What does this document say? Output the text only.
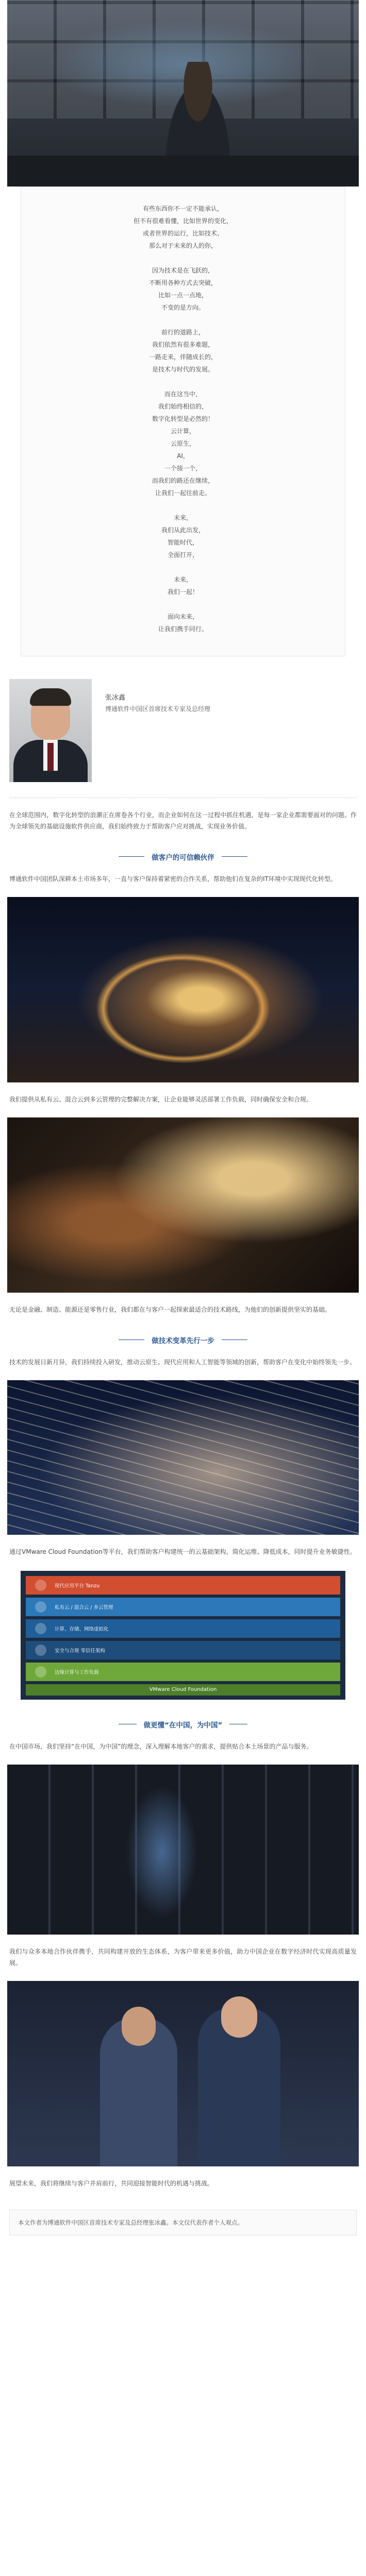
有些东西你不一定不能承认，
但不有很难看懂，比如世界的变化，
或者世界的运行，比如技术、
那么对于未来的人的你，
因为技术是在飞跃的，
不断用各种方式去突破，
比如一点一点地，
不变的是方向。
前行的道路上，
我们依然有很多难题，
一路走来，伴随成长的，
是技术与时代的发展。
而在这当中，
我们始终相信的，
数字化转型是必然的！
云计算，
云原生，
AI，
一个接一个，
而我们的路还在继续，
让我们一起往前走。
未来，
我们从此出发，
智能时代，
全面打开，
未来，
我们一起！
面向未来，
让我们携手同行。
张冰鑫
博通软件中国区首席技术专家及总经理

在全球范围内，数字化转型的浪潮正在席卷各个行业，而企业如何在这一过程中抓住机遇，是每一家企业都需要面对的问题。作为全球领先的基础设施软件供应商，我们始终致力于帮助客户应对挑战，实现业务价值。

做客户的可信赖伙伴

博通软件中国团队深耕本土市场多年，一直与客户保持着紧密的合作关系，帮助他们在复杂的IT环境中实现现代化转型。

我们提供从私有云、混合云到多云管理的完整解决方案，让企业能够灵活部署工作负载，同时确保安全和合规。

无论是金融、制造、能源还是零售行业，我们都在与客户一起探索最适合的技术路线，为他们的创新提供坚实的基础。

做技术变革先行一步

技术的发展日新月异，我们持续投入研发，推动云原生、现代应用和人工智能等领域的创新，帮助客户在变化中始终领先一步。

通过VMware Cloud Foundation等平台，我们帮助客户构建统一的云基础架构，简化运维、降低成本，同时提升业务敏捷性。

现代应用平台 Tanzu
私有云 / 混合云 / 多云管理
计算、存储、网络虚拟化
安全与合规 零信任架构
边缘计算与工作负载
VMware Cloud Foundation
做更懂“在中国，为中国”

在中国市场，我们坚持“在中国，为中国”的理念，深入理解本地客户的需求，提供贴合本土场景的产品与服务。

我们与众多本地合作伙伴携手，共同构建开放的生态体系，为客户带来更多价值，助力中国企业在数字经济时代实现高质量发展。

展望未来，我们将继续与客户并肩前行，共同迎接智能时代的机遇与挑战。

本文作者为博通软件中国区首席技术专家及总经理张冰鑫。本文仅代表作者个人观点。
